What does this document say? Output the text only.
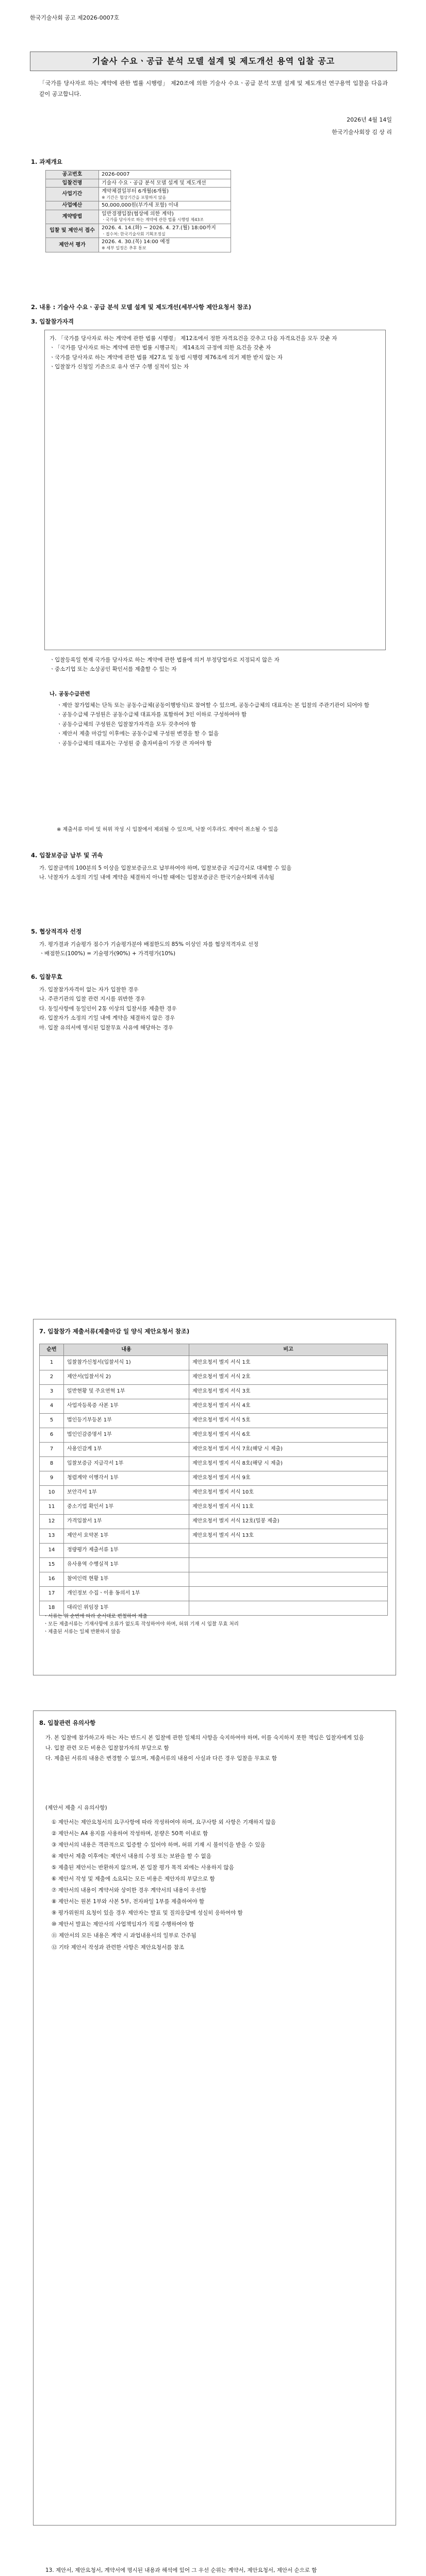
한국기술사회 공고 제2026-0007호
기술사 수요ㆍ공급 분석 모델 설계 및 제도개선 용역 입찰 공고
「국가를 당사자로 하는 계약에 관한 법률 시행령」 제20조에 의한 기술사 수요ㆍ공급 분석 모델 설계 및 제도개선 연구용역 입찰을 다음과 같이 공고합니다.
2026년 4월 14일
한국기술사회장 김 상 리
1. 과제개요
공고번호	2026-0007
입찰건명	기술사 수요ㆍ공급 분석 모델 설계 및 제도개선
사업기간	계약체결일부터 6개월(6개월)
※ 기간은 협상기간을 포함하지 않음

사업예산	50,000,000원(부가세 포함) 이내
계약방법	일반경쟁입찰(협상에 의한 계약)
ㆍ국가를 당사자로 하는 계약에 관한 법률 시행령 제43조

입찰 및 제안서 접수	2026. 4. 14.(화) ~ 2026. 4. 27.(월) 18:00까지
ㆍ접수처: 한국기술사회 기획조정실

제안서 평가	2026. 4. 30.(목) 14:00 예정
※ 세부 일정은 추후 통보
2. 내용 : 기술사 수요ㆍ공급 분석 모델 설계 및 제도개선(세부사항 제안요청서 참조)
3. 입찰참가자격
가. 「국가를 당사자로 하는 계약에 관한 법률 시행령」 제12조에서 정한 자격요건을 갖추고 다음 자격요건을 모두 갖춘 자
ㆍ「국가를 당사자로 하는 계약에 관한 법률 시행규칙」 제14조의 규정에 의한 요건을 갖춘 자
ㆍ국가를 당사자로 하는 계약에 관한 법률 제27조 및 동법 시행령 제76조에 의거 제한 받지 않는 자
ㆍ입찰참가 신청일 기준으로 유사 연구 수행 실적이 있는 자
ㆍ입찰등록일 현재 국가를 당사자로 하는 계약에 관한 법률에 의거 부정당업자로 지정되지 않은 자
ㆍ중소기업 또는 소상공인 확인서를 제출할 수 있는 자
나. 공동수급관련
ㆍ제안 참가업체는 단독 또는 공동수급체(공동이행방식)로 참여할 수 있으며, 공동수급체의 대표자는 본 입찰의 주관기관이 되어야 함
ㆍ공동수급체 구성원은 공동수급체 대표자를 포함하여 3인 이하로 구성하여야 함
ㆍ공동수급체의 구성원은 입찰참가자격을 모두 갖추어야 함
ㆍ제안서 제출 마감일 이후에는 공동수급체 구성원 변경을 할 수 없음
ㆍ공동수급체의 대표자는 구성원 중 출자비율이 가장 큰 자여야 함
※ 제출서류 미비 및 허위 작성 시 입찰에서 제외될 수 있으며, 낙찰 이후라도 계약이 취소될 수 있음
4. 입찰보증금 납부 및 귀속
가. 입찰금액의 100분의 5 이상을 입찰보증금으로 납부하여야 하며, 입찰보증금 지급각서로 대체할 수 있음
나. 낙찰자가 소정의 기일 내에 계약을 체결하지 아니할 때에는 입찰보증금은 한국기술사회에 귀속됨
5. 협상적격자 선정
가. 평가결과 기술평가 점수가 기술평가분야 배점한도의 85% 이상인 자를 협상적격자로 선정
ㆍ배점한도(100%) = 기술평가(90%) + 가격평가(10%)
6. 입찰무효
가. 입찰참가자격이 없는 자가 입찰한 경우
나. 주관기관의 입찰 관련 지시를 위반한 경우
다. 동일사항에 동일인이 2통 이상의 입찰서를 제출한 경우
라. 입찰자가 소정의 기일 내에 계약을 체결하지 않은 경우
마. 입찰 유의서에 명시된 입찰무효 사유에 해당하는 경우
7. 입찰참가 제출서류(제출마감 일 양식 제안요청서 참조)
순번	내용	비고
1	입찰참가신청서(입찰서식 1)	제안요청서 별지 서식 1호
2	제안서(입찰서식 2)	제안요청서 별지 서식 2호
3	일반현황 및 주요연혁 1부	제안요청서 별지 서식 3호
4	사업자등록증 사본 1부	제안요청서 별지 서식 4호
5	법인등기부등본 1부	제안요청서 별지 서식 5호
6	법인인감증명서 1부	제안요청서 별지 서식 6호
7	사용인감계 1부	제안요청서 별지 서식 7호(해당 시 제출)
8	입찰보증금 지급각서 1부	제안요청서 별지 서식 8호(해당 시 제출)
9	청렴계약 이행각서 1부	제안요청서 별지 서식 9호
10	보안각서 1부	제안요청서 별지 서식 10호
11	중소기업 확인서 1부	제안요청서 별지 서식 11호
12	가격입찰서 1부	제안요청서 별지 서식 12호(밀봉 제출)
13	제안서 요약본 1부	제안요청서 별지 서식 13호
14	정량평가 제출서류 1부	
15	유사용역 수행실적 1부	
16	참여인력 현황 1부	
17	개인정보 수집ㆍ이용 동의서 1부	
18	대리인 위임장 1부	
ㆍ서류는 위 순번에 따라 순서대로 편철하여 제출
ㆍ모든 제출서류는 기재사항에 오류가 없도록 작성하여야 하며, 허위 기재 시 입찰 무효 처리
ㆍ제출된 서류는 일체 반환하지 않음
8. 입찰관련 유의사항
가. 본 입찰에 참가하고자 하는 자는 반드시 본 입찰에 관한 일체의 사항을 숙지하여야 하며, 이를 숙지하지 못한 책임은 입찰자에게 있음
나. 입찰 관련 모든 비용은 입찰참가자의 부담으로 함
다. 제출된 서류의 내용은 변경할 수 없으며, 제출서류의 내용이 사실과 다른 경우 입찰을 무효로 함
(제안서 제출 시 유의사항)
① 제안서는 제안요청서의 요구사항에 따라 작성하여야 하며, 요구사항 외 사항은 기재하지 않음
② 제안서는 A4 용지를 사용하여 작성하며, 분량은 50쪽 이내로 함
③ 제안서의 내용은 객관적으로 입증할 수 있어야 하며, 허위 기재 시 불이익을 받을 수 있음
④ 제안서 제출 이후에는 제안서 내용의 수정 또는 보완을 할 수 없음
⑤ 제출된 제안서는 반환하지 않으며, 본 입찰 평가 목적 외에는 사용하지 않음
⑥ 제안서 작성 및 제출에 소요되는 모든 비용은 제안자의 부담으로 함
⑦ 제안서의 내용이 계약서와 상이한 경우 계약서의 내용이 우선함
⑧ 제안서는 원본 1부와 사본 5부, 전자파일 1부를 제출하여야 함
⑨ 평가위원의 요청이 있을 경우 제안자는 발표 및 질의응답에 성실히 응하여야 함
⑩ 제안서 발표는 제안사의 사업책임자가 직접 수행하여야 함
⑪ 제안서의 모든 내용은 계약 시 과업내용서의 일부로 간주됨
⑫ 기타 제안서 작성과 관련한 사항은 제안요청서를 참조
13. 제안서, 제안요청서, 계약서에 명시된 내용과 해석에 있어 그 우선 순위는 계약서, 제안요청서, 제안서 순으로 함
